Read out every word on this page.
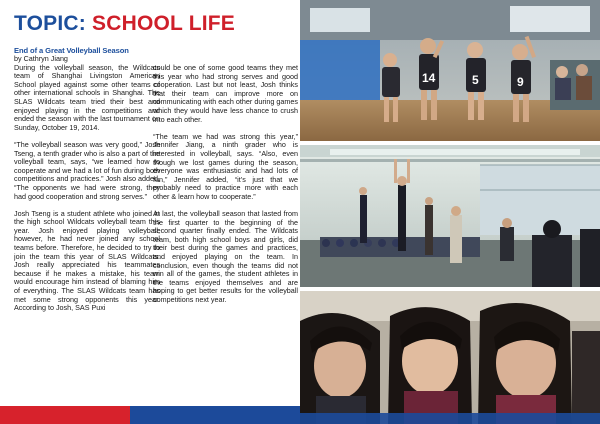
TOPIC: SCHOOL LIFE
End of a Great Volleyball Season
by Cathryn Jiang

During the volleyball season, the Wildcats team of Shanghai Livingston American School played against some other teams of other international schools in Shanghai. The SLAS Wildcats team tried their best and enjoyed playing in the competitions and ended the season with the last tournament on Sunday, October 19, 2014.

“The volleyball season was very good,” Josh Tseng, a tenth grader who is also a part of the volleyball team, says, “we learned how to cooperate and we had a lot of fun during both competitions and practices.” Josh also added, “The opponents we had were strong, they had good cooperation and strong serves.”

Josh Tseng is a student athlete who joined in the high school Wildcats volleyball team this year. Josh enjoyed playing volleyball; however, he had never joined any school teams before. Therefore, he decided to try to join the team this year of SLAS Wildcats. Josh really appreciated his teammates because if he makes a mistake, his team would encourage him instead of blaming him of everything. The SLAS Wildcats team has met some strong opponents this year. According to Josh, SAS Puxi

could be one of some good teams they met this year who had strong serves and good cooperation. Last but not least, Josh thinks that their team can improve more on communicating with each other during games which they would have less chance to crush into each other.

“The team we had was strong this year,” Jennifer Jiang, a ninth grader who is interested in volleyball, says. “Also, even though we lost games during the season, everyone was enthusiastic and had lots of fun,” Jennifer added, “it’s just that we probably need to practice more with each other & learn how to cooperate.”

At last, the volleyball season that lasted from the first quarter to the beginning of the second quarter finally ended. The Wildcats team, both high school boys and girls, did their best during the games and practices, and enjoyed playing on the team. In conclusion, even though the teams did not win all of the games, the student athletes in the teams enjoyed themselves and are hoping to get better results for the volleyball competitions next year.

14	5	9
